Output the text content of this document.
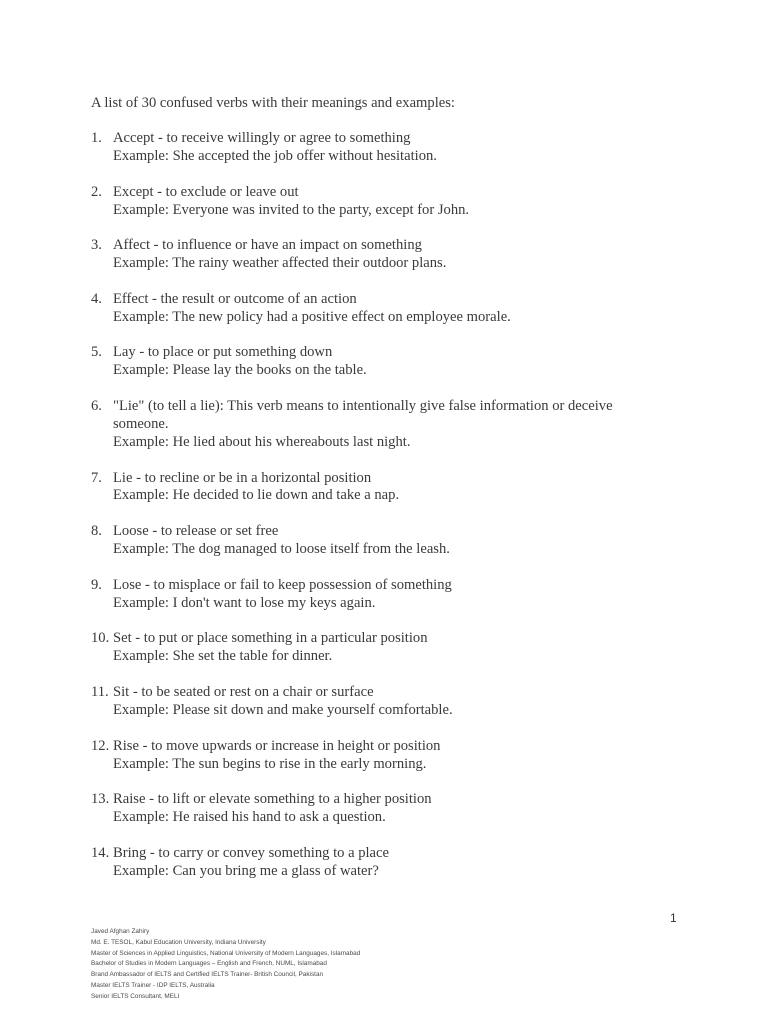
A list of 30 confused verbs with their meanings and examples:
1. Accept - to receive willingly or agree to something
Example: She accepted the job offer without hesitation.
2. Except - to exclude or leave out
Example: Everyone was invited to the party, except for John.
3. Affect - to influence or have an impact on something
Example: The rainy weather affected their outdoor plans.
4. Effect - the result or outcome of an action
Example: The new policy had a positive effect on employee morale.
5. Lay - to place or put something down
Example: Please lay the books on the table.
6. "Lie" (to tell a lie): This verb means to intentionally give false information or deceive someone.
Example: He lied about his whereabouts last night.
7. Lie - to recline or be in a horizontal position
Example: He decided to lie down and take a nap.
8. Loose - to release or set free
Example: The dog managed to loose itself from the leash.
9. Lose - to misplace or fail to keep possession of something
Example: I don't want to lose my keys again.
10. Set - to put or place something in a particular position
Example: She set the table for dinner.
11. Sit - to be seated or rest on a chair or surface
Example: Please sit down and make yourself comfortable.
12. Rise - to move upwards or increase in height or position
Example: The sun begins to rise in the early morning.
13. Raise - to lift or elevate something to a higher position
Example: He raised his hand to ask a question.
14. Bring - to carry or convey something to a place
Example: Can you bring me a glass of water?
1
Javed Afghan Zahiry
Md. E. TESOL, Kabul Education University, Indiana University
Master of Sciences in Applied Linguistics, National University of Modern Languages, Islamabad
Bachelor of Studies in Modern Languages – English and French, NUML, Islamabad
Brand Ambassador of IELTS and Certified IELTS Trainer- British Council, Pakistan
Master IELTS Trainer - IDP IELTS, Australia
Senior IELTS Consultant, MELI
